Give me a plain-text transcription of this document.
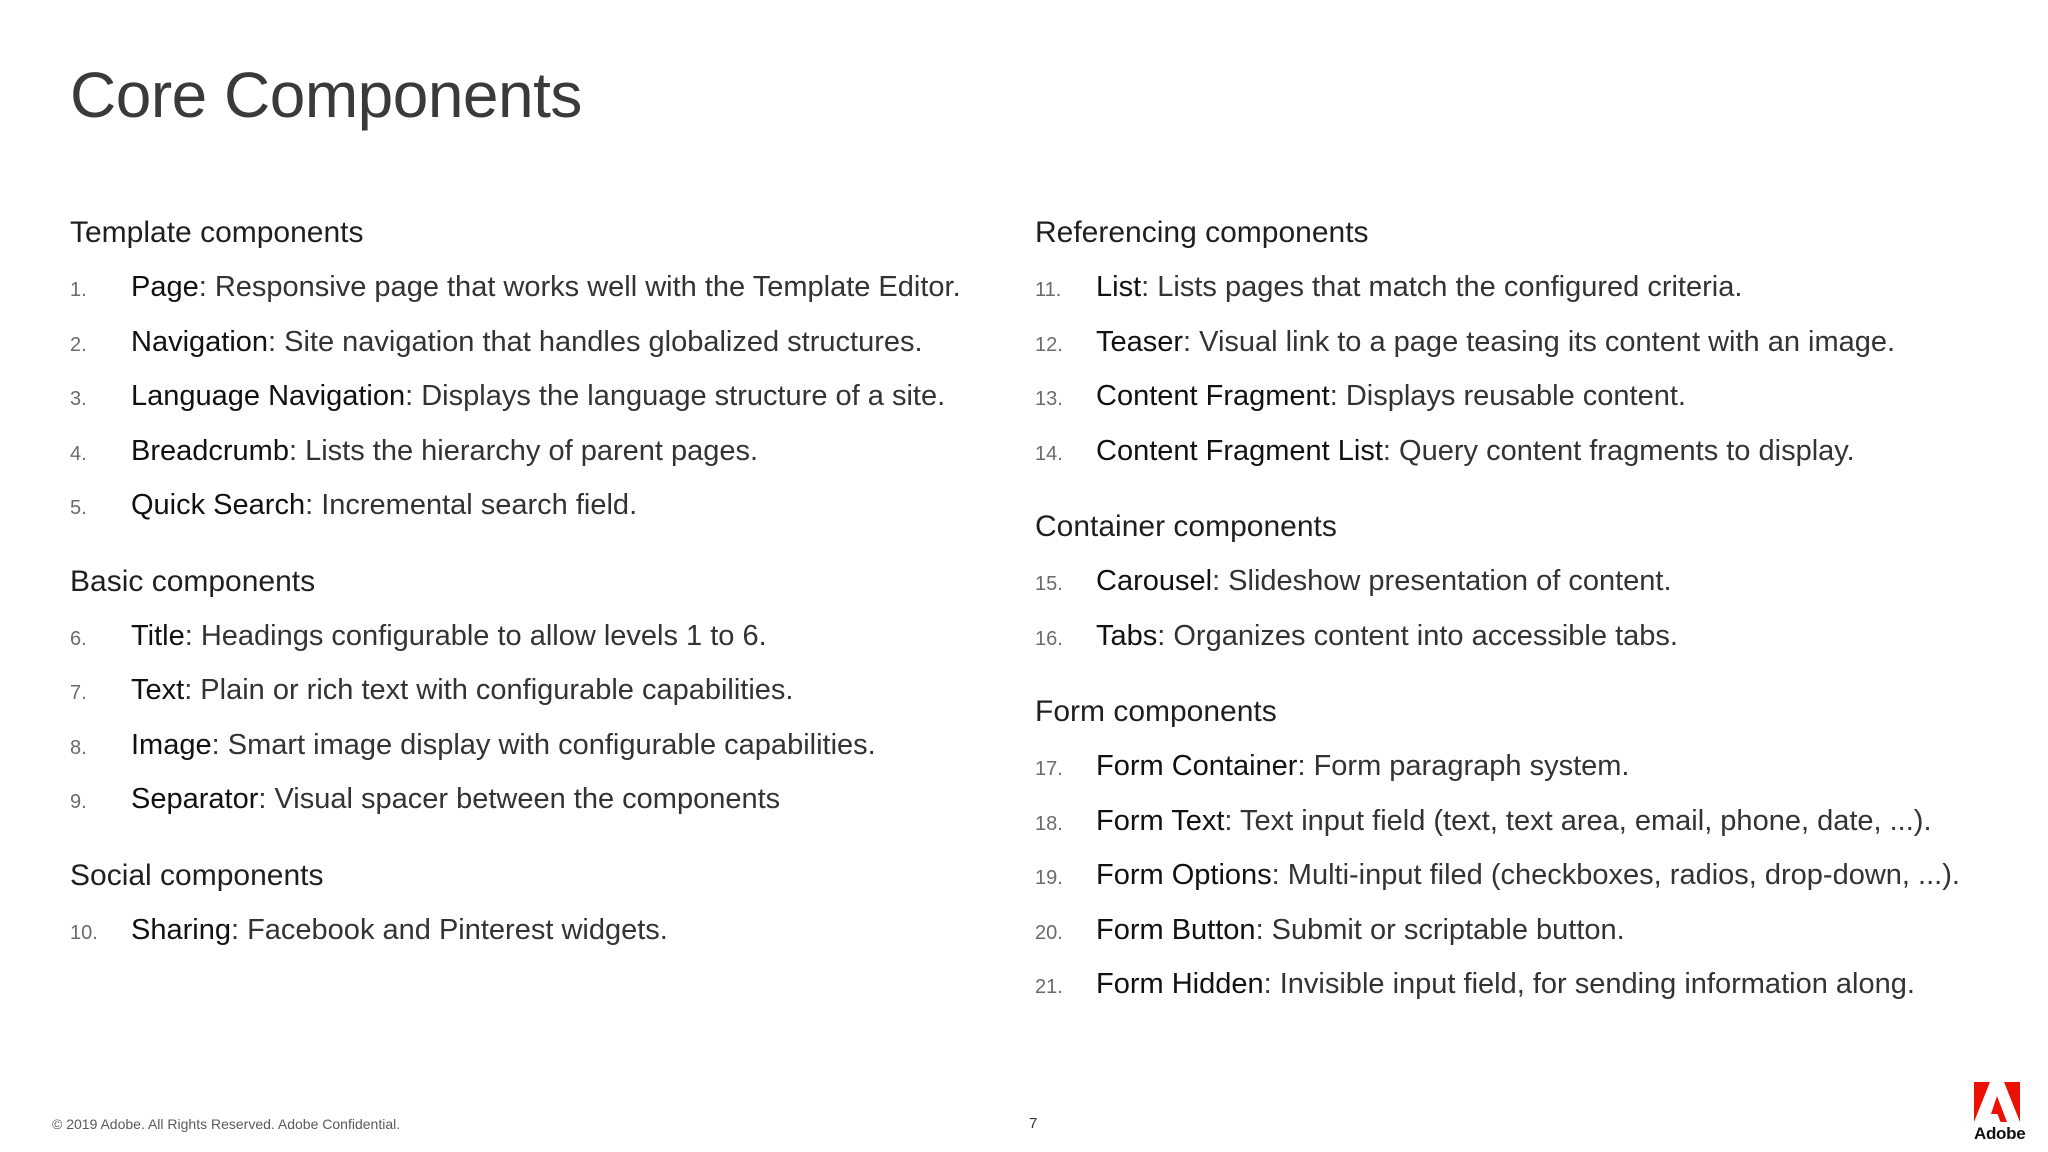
Core Components
Template components
1. Page: Responsive page that works well with the Template Editor.
2. Navigation: Site navigation that handles globalized structures.
3. Language Navigation: Displays the language structure of a site.
4. Breadcrumb: Lists the hierarchy of parent pages.
5. Quick Search: Incremental search field.
Basic components
6. Title: Headings configurable to allow levels 1 to 6.
7. Text: Plain or rich text with configurable capabilities.
8. Image: Smart image display with configurable capabilities.
9. Separator: Visual spacer between the components
Social components
10. Sharing: Facebook and Pinterest widgets.
Referencing components
11. List: Lists pages that match the configured criteria.
12. Teaser: Visual link to a page teasing its content with an image.
13. Content Fragment: Displays reusable content.
14. Content Fragment List: Query content fragments to display.
Container components
15. Carousel: Slideshow presentation of content.
16. Tabs: Organizes content into accessible tabs.
Form components
17. Form Container: Form paragraph system.
18. Form Text: Text input field (text, text area, email, phone, date, ...).
19. Form Options: Multi-input filed (checkboxes, radios, drop-down, ...).
20. Form Button: Submit or scriptable button.
21. Form Hidden: Invisible input field, for sending information along.
© 2019 Adobe. All Rights Reserved. Adobe Confidential.	7
Adobe
